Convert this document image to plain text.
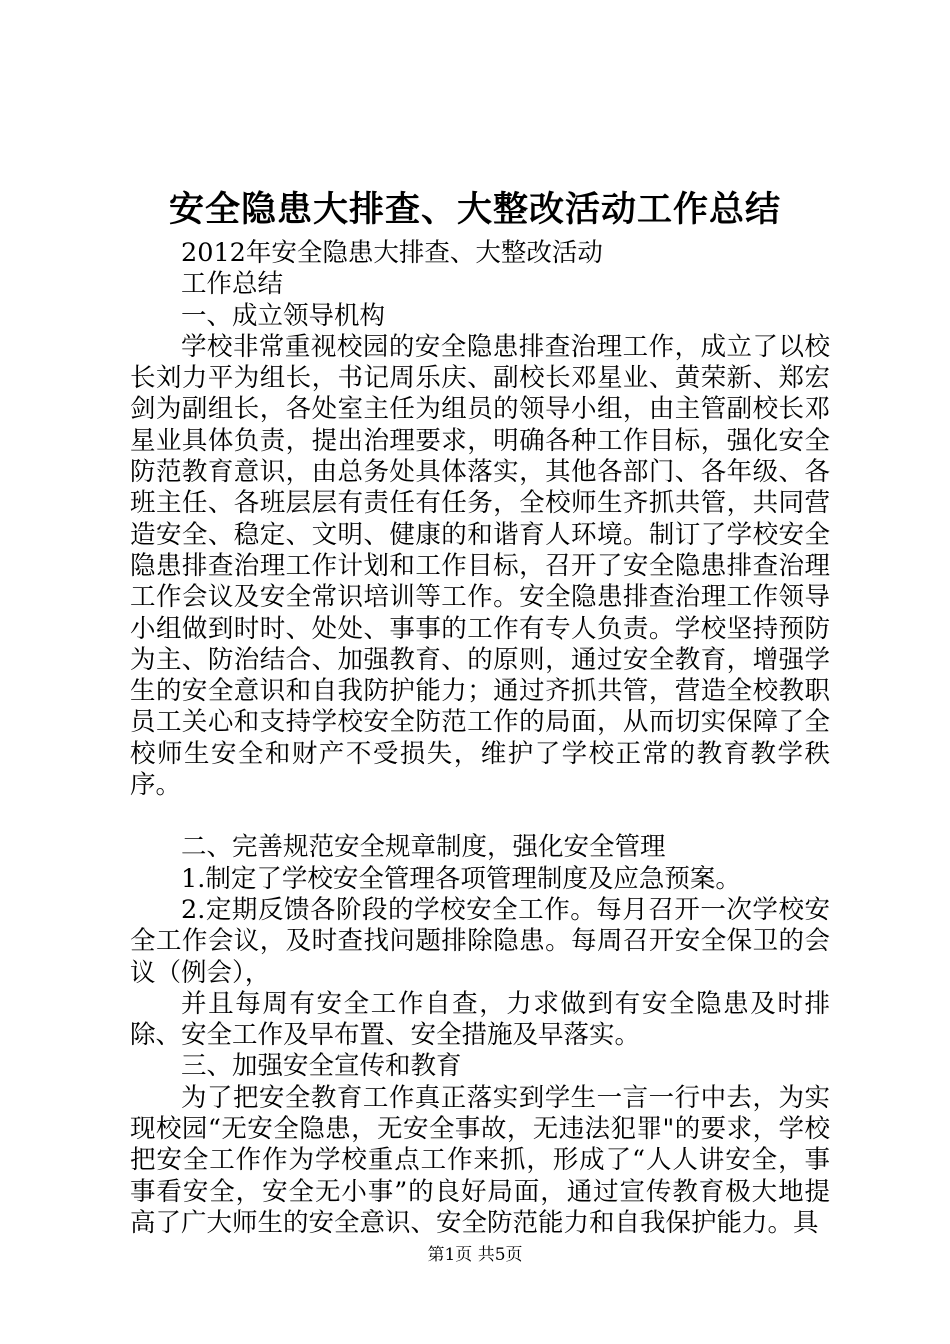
安全隐患大排查、大整改活动工作总结

2012年安全隐患大排查、大整改活动

工作总结

一、成立领导机构

学校非常重视校园的安全隐患排查治理工作，成立了以校长刘力平为组长，书记周乐庆、副校长邓星业、黄荣新、郑宏剑为副组长，各处室主任为组员的领导小组，由主管副校长邓星业具体负责，提出治理要求，明确各种工作目标，强化安全防范教育意识，由总务处具体落实，其他各部门、各年级、各班主任、各班层层有责任有任务，全校师生齐抓共管，共同营造安全、稳定、文明、健康的和谐育人环境。制订了学校安全隐患排查治理工作计划和工作目标，召开了安全隐患排查治理工作会议及安全常识培训等工作。安全隐患排查治理工作领导小组做到时时、处处、事事的工作有专人负责。学校坚持预防为主、防治结合、加强教育、的原则，通过安全教育，增强学生的安全意识和自我防护能力；通过齐抓共管，营造全校教职员工关心和支持学校安全防范工作的局面，从而切实保障了全校师生安全和财产不受损失，维护了学校正常的教育教学秩序。

二、完善规范安全规章制度，强化安全管理

1.制定了学校安全管理各项管理制度及应急预案。

2.定期反馈各阶段的学校安全工作。每月召开一次学校安全工作会议，及时查找问题排除隐患。每周召开安全保卫的会议（例会），

并且每周有安全工作自查，力求做到有安全隐患及时排除、安全工作及早布置、安全措施及早落实。

三、加强安全宣传和教育

为了把安全教育工作真正落实到学生一言一行中去，为实现校园“无安全隐患，无安全事故，无违法犯罪"的要求，学校把安全工作作为学校重点工作来抓，形成了“人人讲安全，事事看安全，安全无小事”的良好局面，通过宣传教育极大地提高了广大师生的安全意识、安全防范能力和自我保护能力。具

第1页 共5页
